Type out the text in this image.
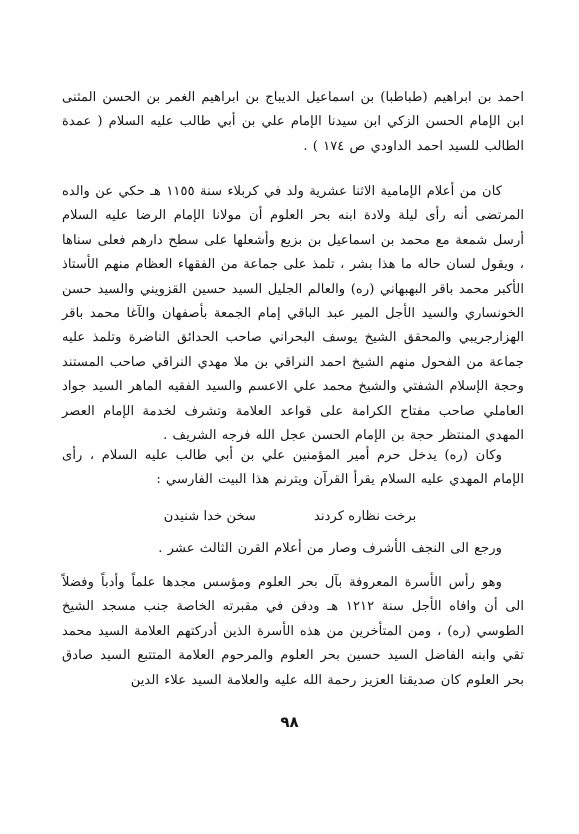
احمد بن ابراهيم (طباطبا) بن اسماعيل الديباج بن ابراهيم الغمر بن الحسن المثنى ابن الإمام الحسن الزكي ابن سيدنا الإمام علي بن أبي طالب عليه السلام ( عمدة الطالب للسيد احمد الداودي ص ١٧٤ ) .

كان من أعلام الإمامية الاثنا عشرية ولد في كربلاء سنة ١١٥٥ هـ حكي عن والده المرتضى أنه رأى ليلة ولادة ابنه بحر العلوم أن مولانا الإمام الرضا عليه السلام أرسل شمعة مع محمد بن اسماعيل بن بزيع وأشعلها على سطح دارهم فعلى سناها ، ويقول لسان حاله ما هذا بشر ، تلمذ على جماعة من الفقهاء العظام منهم الأستاذ الأكبر محمد باقر البهبهاني (ره) والعالم الجليل السيد حسين القزويني والسيد حسن الخونساري والسيد الأجل المير عبد الباقي إمام الجمعة بأصفهان والآغا محمد باقر الهزارجريبي والمحقق الشيخ يوسف البحراني صاحب الحدائق الناضرة وتلمذ عليه جماعة من الفحول منهم الشيخ احمد النراقي بن ملا مهدي النراقي صاحب المستند وحجة الإسلام الشفتي والشيخ محمد علي الاعسم والسيد الفقيه الماهر السيد جواد العاملي صاحب مفتاح الكرامة على قواعد العلامة وتشرف لخدمة الإمام العصر المهدي المنتظر حجة بن الإمام الحسن عجل الله فرجه الشريف .

وكان (ره) يدخل حرم أمير المؤمنين علي بن أبي طالب عليه السلام ، رأى الإمام المهدي عليه السلام يقرأ القرآن ويترنم هذا البيت الفارسي :

برخت نظاره كردند
سخن خدا شنيدن

ورجع الى النجف الأشرف وصار من أعلام القرن الثالث عشر .

وهو رأس الأسرة المعروفة بآل بحر العلوم ومؤسس مجدها علماً وأدباً وفضلاً الى أن وافاه الأجل سنة ١٢١٢ هـ ودفن في مقبرته الخاصة جنب مسجد الشيخ الطوسي (ره) ، ومن المتأخرين من هذه الأسرة الذين أدركتهم العلامة السيد محمد تقي وابنه الفاضل السيد حسين بحر العلوم والمرحوم العلامة المتتبع السيد صادق بحر العلوم كان صديقنا العزيز رحمة الله عليه والعلامة السيد علاء الدين

٩٨
